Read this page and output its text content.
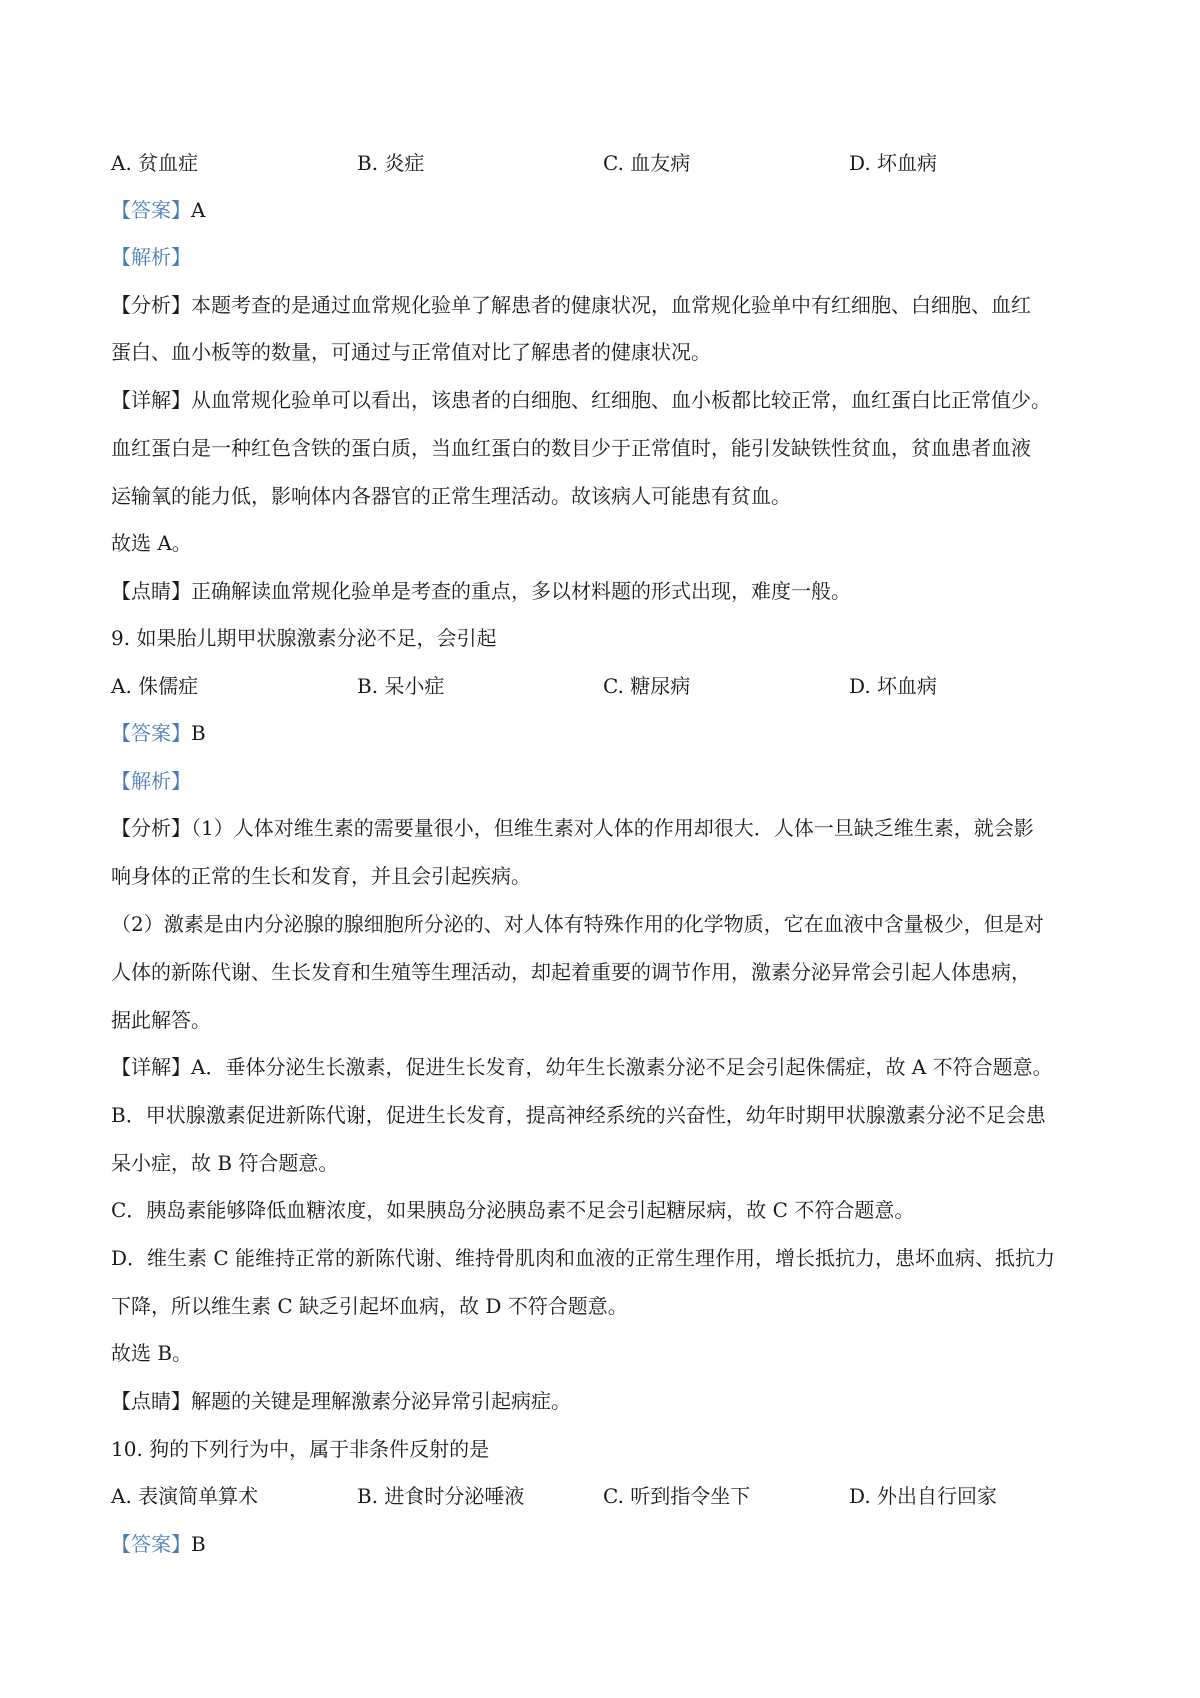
A. 贫血症	B. 炎症	C. 血友病	D. 坏血病
【答案】A
【解析】
【分析】本题考查的是通过血常规化验单了解患者的健康状况，血常规化验单中有红细胞、白细胞、血红
蛋白、血小板等的数量，可通过与正常值对比了解患者的健康状况。
【详解】从血常规化验单可以看出，该患者的白细胞、红细胞、血小板都比较正常，血红蛋白比正常值少。
血红蛋白是一种红色含铁的蛋白质，当血红蛋白的数目少于正常值时，能引发缺铁性贫血，贫血患者血液
运输氧的能力低，影响体内各器官的正常生理活动。故该病人可能患有贫血。
故选 A。
【点睛】正确解读血常规化验单是考查的重点，多以材料题的形式出现，难度一般。
9. 如果胎儿期甲状腺激素分泌不足，会引起
A. 侏儒症	B. 呆小症	C. 糖尿病	D. 坏血病
【答案】B
【解析】
【分析】（1）人体对维生素的需要量很小，但维生素对人体的作用却很大．人体一旦缺乏维生素，就会影
响身体的正常的生长和发育，并且会引起疾病。
（2）激素是由内分泌腺的腺细胞所分泌的、对人体有特殊作用的化学物质，它在血液中含量极少，但是对
人体的新陈代谢、生长发育和生殖等生理活动，却起着重要的调节作用，激素分泌异常会引起人体患病，
据此解答。
【详解】A．垂体分泌生长激素，促进生长发育，幼年生长激素分泌不足会引起侏儒症，故 A 不符合题意。
B．甲状腺激素促进新陈代谢，促进生长发育，提高神经系统的兴奋性，幼年时期甲状腺激素分泌不足会患
呆小症，故 B 符合题意。
C．胰岛素能够降低血糖浓度，如果胰岛分泌胰岛素不足会引起糖尿病，故 C 不符合题意。
D．维生素 C 能维持正常的新陈代谢、维持骨肌肉和血液的正常生理作用，增长抵抗力，患坏血病、抵抗力
下降，所以维生素 C 缺乏引起坏血病，故 D 不符合题意。
故选 B。
【点睛】解题的关键是理解激素分泌异常引起病症。
10. 狗的下列行为中，属于非条件反射的是
A. 表演简单算术	B. 进食时分泌唾液	C. 听到指令坐下	D. 外出自行回家
【答案】B
